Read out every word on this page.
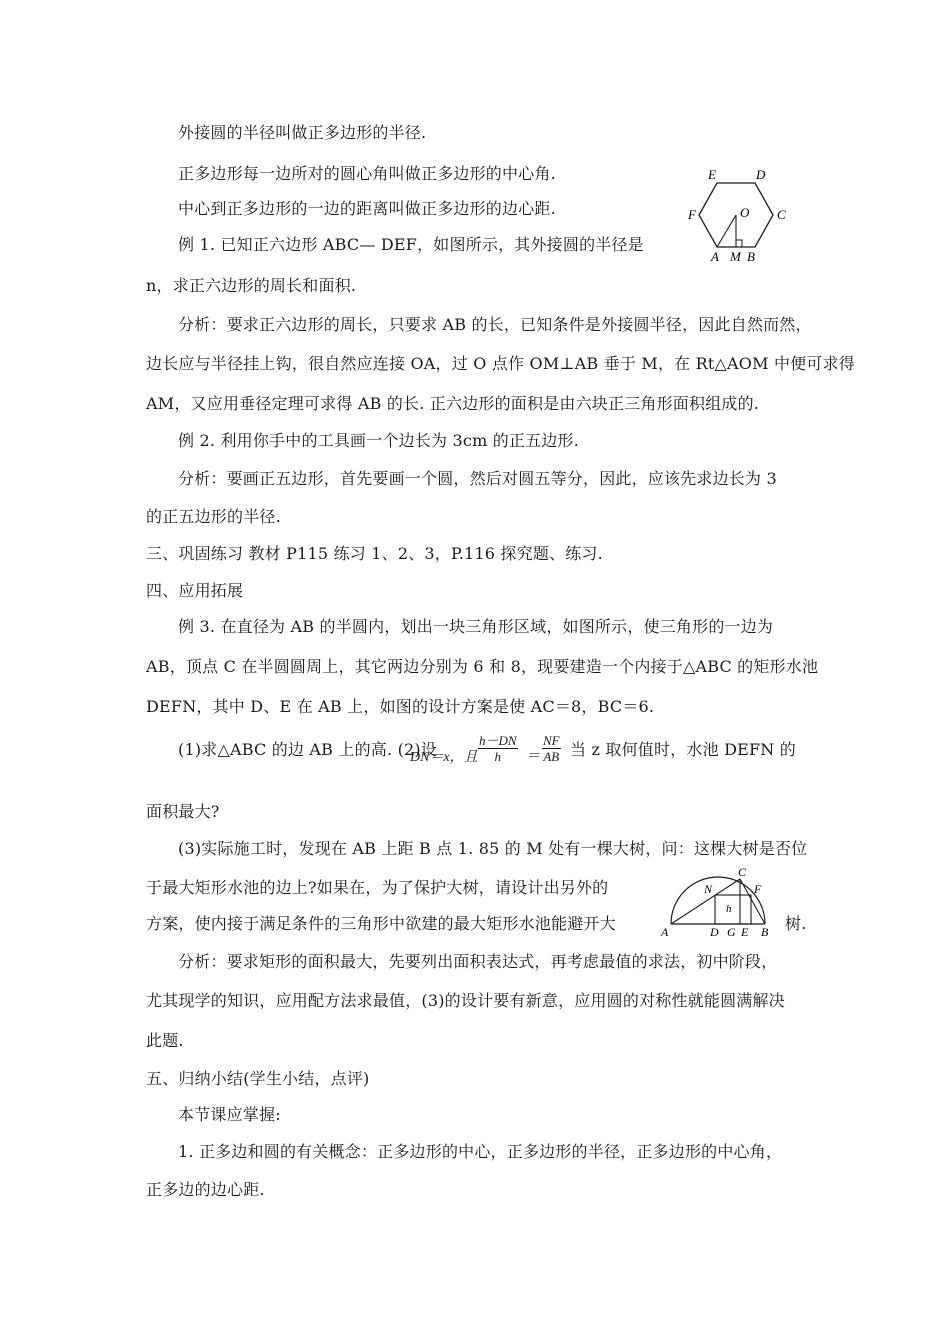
外接圆的半径叫做正多边形的半径.

正多边形每一边所对的圆心角叫做正多边形的中心角.

中心到正多边形的一边的距离叫做正多边形的边心距.

例 1. 已知正六边形 ABC— DEF，如图所示，其外接圆的半径是

n，求正六边形的周长和面积.

分析：要求正六边形的周长，只要求 AB 的长，已知条件是外接圆半径，因此自然而然，

边长应与半径挂上钩，很自然应连接 OA，过 O 点作 OM⊥AB 垂于 M，在 Rt△AOM 中便可求得

AM，又应用垂径定理可求得 AB 的长. 正六边形的面积是由六块正三角形面积组成的.

例 2. 利用你手中的工具画一个边长为 3cm 的正五边形.

分析：要画正五边形，首先要画一个圆，然后对圆五等分，因此，应该先求边长为 3

的正五边形的半径.

三、巩固练习 教材 P115 练习 1、2、3，P.116 探究题、练习.

四、应用拓展

例 3. 在直径为 AB 的半圆内，划出一块三角形区域，如图所示，使三角形的一边为

AB，顶点 C 在半圆圆周上，其它两边分别为 6 和 8，现要建造一个内接于△ABC 的矩形水池

DEFN，其中 D、E 在 AB 上，如图的设计方案是使 AC＝8，BC＝6.

(1)求△ABC 的边 AB 上的高. (2)设

DN＝x，且 $\frac{h-DN}{h} = \frac{NF}{AB}$ 当 z 取何值时，水池 DEFN 的

面积最大?

(3)实际施工时，发现在 AB 上距 B 点 1. 85 的 M 处有一棵大树，问：这棵大树是否位

于最大矩形水池的边上?如果在，为了保护大树，请设计出另外的

方案，使内接于满足条件的三角形中欲建的最大矩形水池能避开大	树.

分析：要求矩形的面积最大，先要列出面积表达式，再考虑最值的求法，初中阶段，

尤其现学的知识，应用配方法求最值，(3)的设计要有新意，应用圆的对称性就能圆满解决

此题.

五、归纳小结(学生小结，点评)

本节课应掌握:

1. 正多边和圆的有关概念：正多边形的中心，正多边形的半径，正多边形的中心角，

正多边的边心距.

E	D
F	O C
A M B
N
C
F
h
A	D G E B
